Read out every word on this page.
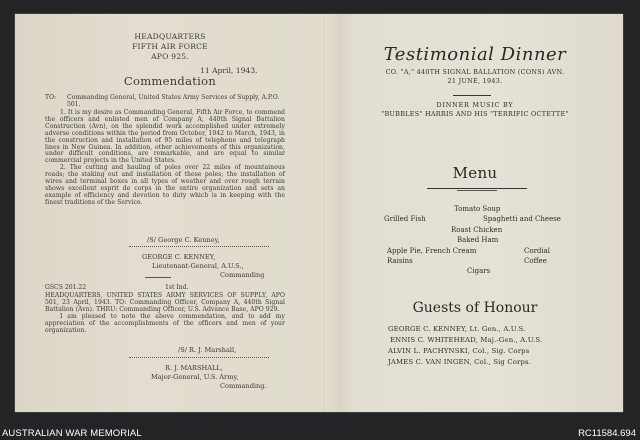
HEADQUARTERS
FIFTH AIR FORCE
APO 925.
11 April, 1943.
Commendation
TO:	Commanding General, United States Army Services of Supply, A.P.O. 501.

1. It is my desire as Commanding General, Fifth Air Force, to commend the officers and enlisted men of Company A, 440th Signal Battalion Construction (Avn), on the splendid work accomplished under extremely adverse conditions within the period from October, 1942 to March, 1943, in the construction and installation of 95 miles of telephone and telegraph lines in New Guinea. In addition, other achievements of this organization, under difficult conditions, are remarkable, and are equal to similar commercial projects in the United States.

2. The cutting and hauling of poles over 22 miles of mountainous roads; the staking out and installation of these poles; the installation of wires and terminal boxes in all types of weather and over rough terrain shows excellent esprit de corps in the entire organization and sets an example of efficiency and devotion to duty which is in keeping with the finest traditions of the Service.

/S/ George C. Kenney,
GEORGE C. KENNEY,
Lieutenant-General, A.U.S.,
Commanding
GSCS 201.22	1st Ind.

HEADQUARTERS, UNITED STATES ARMY SERVICES OF SUPPLY, APO 501, 23 April, 1943. TO: Commanding Officer, Company A, 440th Signal Battalion (Avn). THRU: Commanding Officer, U.S. Advance Base, APO 929.

I am pleased to note the above commendation, and to add my appreciation of the accomplishments of the officers and men of your organization.

/S/ R. J. Marshall,
R. J. MARSHALL,
Major-General, U.S. Army,
Commanding.
Testimonial Dinner
CO. "A," 440TH SIGNAL BALLATION (CONS) AVN.
21 JUNE, 1943.
DINNER MUSIC BY
"BUBBLES" HARRIS AND HIS "TERRIFIC OCTETTE"
Menu
Tomato Soup
Grilled Fish	Spaghetti and Cheese
Roast Chicken
Baked Ham
Apple Pie, French Cream	Cordial
Raisins	Coffee
Cigars
Guests of Honour
GEORGE C. KENNEY, Lt. Gen., A.U.S.
ENNIS C. WHITEHEAD, Maj.-Gen., A.U.S.
ALVIN L. PACHYNSKI, Col., Sig. Corps
JAMES C. VAN INGEN, Col., Sig Corps.
AUSTRALIAN WAR MEMORIAL	RC11584.694
